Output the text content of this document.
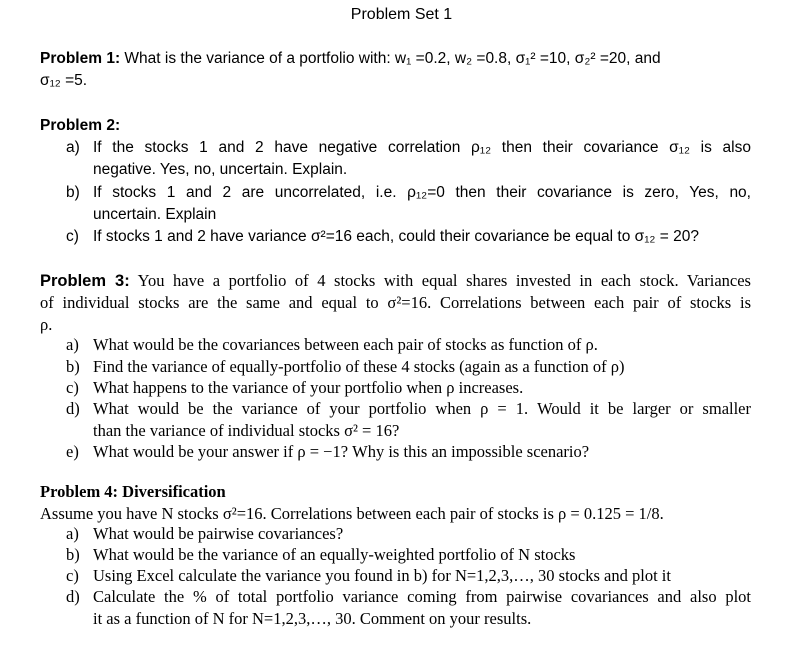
Problem Set 1
Problem 1: What is the variance of a portfolio with: w₁ =0.2, w₂ =0.8, σ₁² =10, σ₂² =20, and
σ₁₂ =5.
Problem 2:
a) If the stocks 1 and 2 have negative correlation ρ₁₂ then their covariance σ₁₂ is also
negative. Yes, no, uncertain. Explain.
b) If stocks 1 and 2 are uncorrelated, i.e. ρ₁₂=0 then their covariance is zero, Yes, no,
uncertain. Explain
c) If stocks 1 and 2 have variance σ²=16 each, could their covariance be equal to σ₁₂ = 20?
Problem 3: You have a portfolio of 4 stocks with equal shares invested in each stock. Variances
of individual stocks are the same and equal to σ²=16. Correlations between each pair of stocks is
ρ.
a) What would be the covariances between each pair of stocks as function of ρ.
b) Find the variance of equally-portfolio of these 4 stocks (again as a function of ρ)
c) What happens to the variance of your portfolio when ρ increases.
d) What would be the variance of your portfolio when ρ = 1. Would it be larger or smaller
than the variance of individual stocks σ² = 16?
e) What would be your answer if ρ = −1? Why is this an impossible scenario?
Problem 4: Diversification
Assume you have N stocks σ²=16. Correlations between each pair of stocks is ρ = 0.125 = 1/8.
a) What would be pairwise covariances?
b) What would be the variance of an equally-weighted portfolio of N stocks
c) Using Excel calculate the variance you found in b) for N=1,2,3,…, 30 stocks and plot it
d) Calculate the % of total portfolio variance coming from pairwise covariances and also plot
it as a function of N for N=1,2,3,…, 30. Comment on your results.
